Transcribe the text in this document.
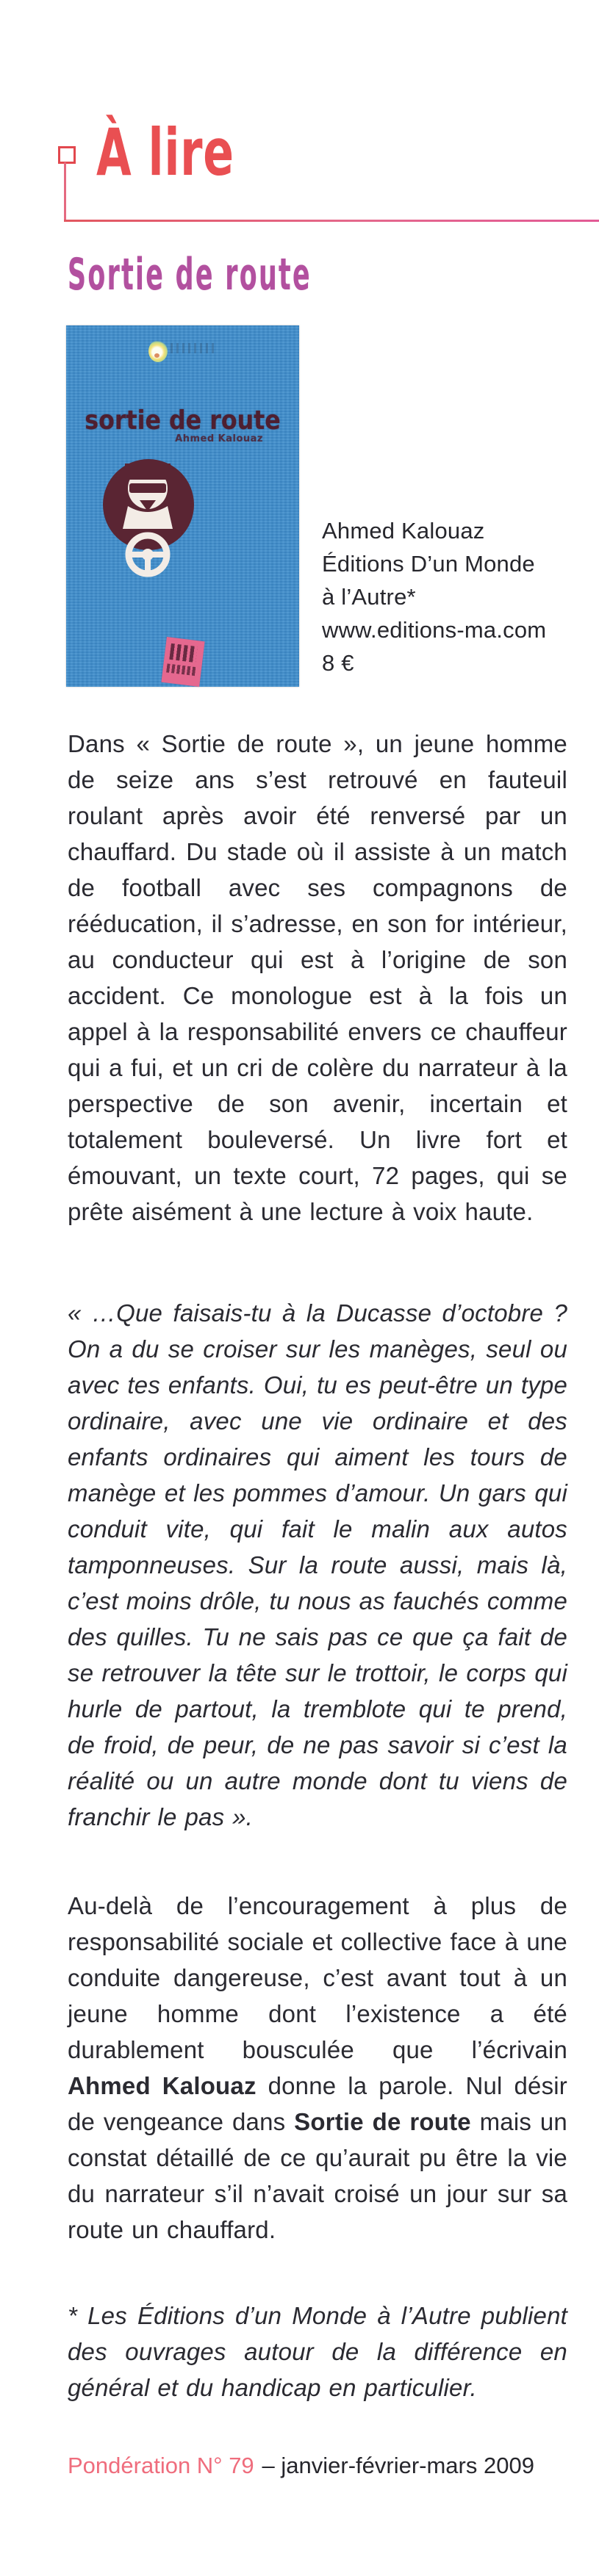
À lire
Sortie de route
sortie de route
Ahmed Kalouaz
Ahmed Kalouaz
Éditions D’un Monde
à l’Autre*
www.editions-ma.com
8 €
Dans « Sortie de route », un jeune homme de seize ans s’est retrouvé en fauteuil roulant après avoir été renversé par un chauffard. Du stade où il assiste à un match de football avec ses compagnons de rééducation, il s’adresse, en son for intérieur, au conducteur qui est à l’origine de son accident. Ce monologue est à la fois un appel à la responsabilité envers ce chauffeur qui a fui, et un cri de colère du narrateur à la perspective de son avenir, incertain et totalement bouleversé. Un livre fort et émouvant, un texte court, 72 pages, qui se prête aisément à une lecture à voix haute.
« …Que faisais-tu à la Ducasse d’octobre ? On a du se croiser sur les manèges, seul ou avec tes enfants. Oui, tu es peut-être un type ordinaire, avec une vie ordinaire et des enfants ordinaires qui aiment les tours de manège et les pommes d’amour. Un gars qui conduit vite, qui fait le malin aux autos tamponneuses. Sur la route aussi, mais là, c’est moins drôle, tu nous as fauchés comme des quilles. Tu ne sais pas ce que ça fait de se retrouver la tête sur le trottoir, le corps qui hurle de partout, la tremblote qui te prend, de froid, de peur, de ne pas savoir si c’est la réalité ou un autre monde dont tu viens de franchir le pas ».
Au-delà de l’encouragement à plus de responsabilité sociale et collective face à une conduite dangereuse, c’est avant tout à un jeune homme dont l’existence a été durablement bousculée que l’écrivain Ahmed Kalouaz donne la parole. Nul désir de vengeance dans Sortie de route mais un constat détaillé de ce qu’aurait pu être la vie du narrateur s’il n’avait croisé un jour sur sa route un chauffard.
* Les Éditions d’un Monde à l’Autre publient des ouvrages autour de la différence en général et du handicap en particulier.
Pondération N° 79 – janvier-février-mars 2009
